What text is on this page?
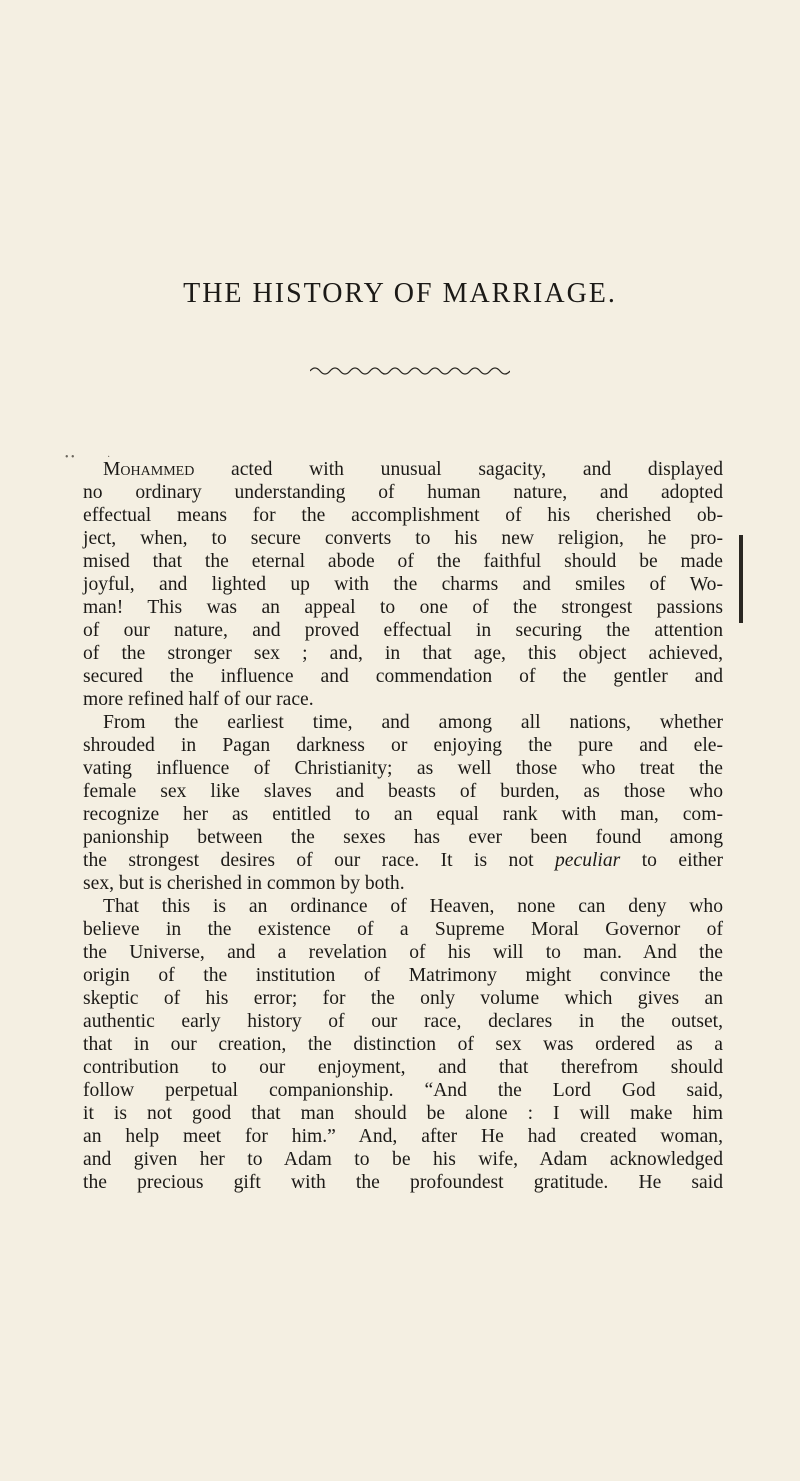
THE HISTORY OF MARRIAGE.
• •             ·
Mohammed acted with unusual sagacity, and displayed
no ordinary understanding of human nature, and adopted
effectual means for the accomplishment of his cherished ob-
ject, when, to secure converts to his new religion, he pro-
mised that the eternal abode of the faithful should be made
joyful, and lighted up with the charms and smiles of Wo-
man! This was an appeal to one of the strongest passions
of our nature, and proved effectual in securing the attention
of the stronger sex ; and, in that age, this object achieved,
secured the influence and commendation of the gentler and
more refined half of our race.
From the earliest time, and among all nations, whether
shrouded in Pagan darkness or enjoying the pure and ele-
vating influence of Christianity; as well those who treat the
female sex like slaves and beasts of burden, as those who
recognize her as entitled to an equal rank with man, com-
panionship between the sexes has ever been found among
the strongest desires of our race. It is not peculiar to either
sex, but is cherished in common by both.
That this is an ordinance of Heaven, none can deny who
believe in the existence of a Supreme Moral Governor of
the Universe, and a revelation of his will to man. And the
origin of the institution of Matrimony might convince the
skeptic of his error; for the only volume which gives an
authentic early history of our race, declares in the outset,
that in our creation, the distinction of sex was ordered as a
contribution to our enjoyment, and that therefrom should
follow perpetual companionship. “And the Lord God said,
it is not good that man should be alone : I will make him
an help meet for him.” And, after He had created woman,
and given her to Adam to be his wife, Adam acknowledged
the precious gift with the profoundest gratitude. He said
